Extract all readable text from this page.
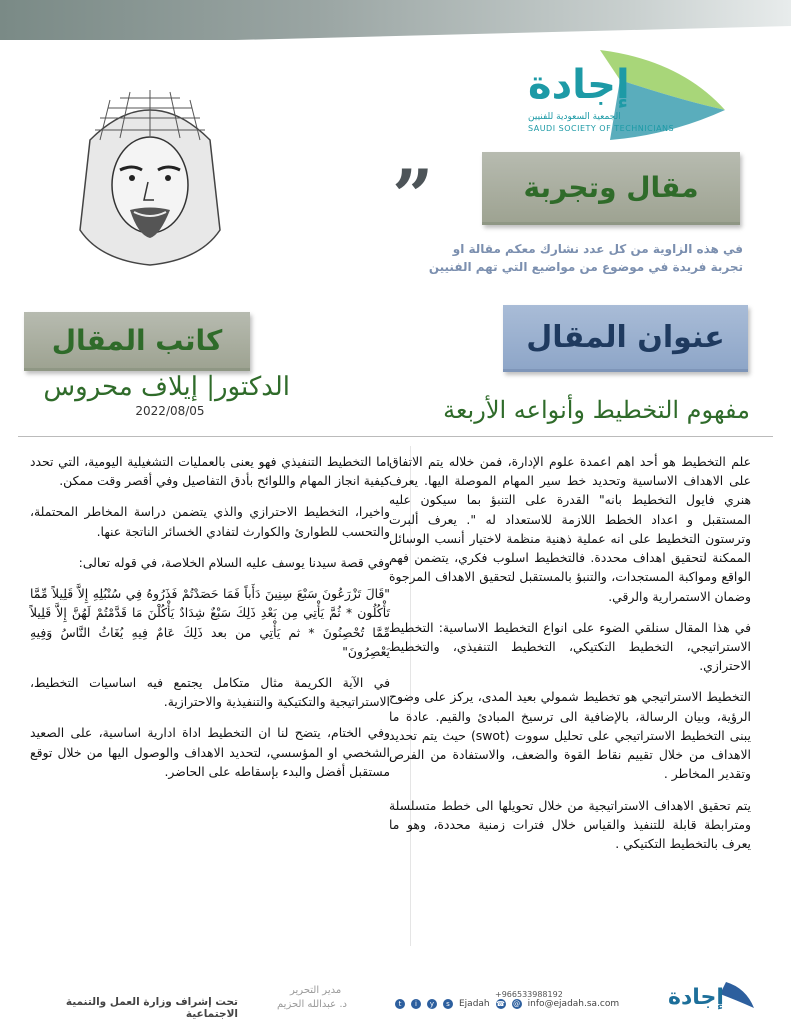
إجادة
الجمعية السعودية للفنيين
SAUDI SOCIETY OF TECHNICIANS
”	مقال وتجربة
في هذه الزاوية من كل عدد نشارك معكم مقالة او
تجربة فريدة في موضوع من مواضيع التي تهم الفنيين
كاتب المقال
الدكتور| إيلاف محروس
2022/08/05
عنوان المقال
مفهوم التخطيط وأنواعه الأربعة

علم التخطيط هو أحد اهم اعمدة علوم الإدارة، فمن خلاله يتم الاتفاق على الاهداف الاساسية وتحديد خط سير المهام الموصلة اليها. يعرف هنري فايول التخطيط بانه" القدرة على التنبؤ بما سيكون عليه المستقبل و اعداد الخطط اللازمة للاستعداد له ". يعرف ألبرت وترستون التخطيط على انه عملية ذهنية منظمة لاختيار أنسب الوسائل الممكنة لتحقيق اهداف محددة. فالتخطيط اسلوب فكري، يتضمن فهم الواقع ومواكبة المستجدات، والتنبؤ بالمستقبل لتحقيق الاهداف المرجوة وضمان الاستمرارية والرقي.

في هذا المقال سنلقي الضوء على انواع التخطيط الاساسية: التخطيط الاستراتيجي، التخطيط التكتيكي، التخطيط التنفيذي، والتخطيط الاحترازي.

التخطيط الاستراتيجي هو تخطيط شمولي بعيد المدى، يركز على وضوح الرؤية، وبيان الرسالة، بالإضافية الى ترسيخ المبادئ والقيم. عادة ما يبنى التخطيط الاستراتيجي على تحليل سووت (swot) حيث يتم تحديد الاهداف من خلال تقييم نقاط القوة والضعف، والاستفادة من الفرص وتقدير المخاطر .

يتم تحقيق الاهداف الاستراتيجية من خلال تحويلها الى خطط متسلسلة ومترابطة قابلة للتنفيذ والقياس خلال فترات زمنية محددة، وهو ما يعرف بالتخطيط التكتيكي .

اما التخطيط التنفيذي فهو يعنى بالعمليات التشغيلية اليومية، التي تحدد كيفية انجاز المهام واللوائح بأدق التفاصيل وفي أقصر وقت ممكن.

واخيرا، التخطيط الاحترازي والذي يتضمن دراسة المخاطر المحتملة، والتحسب للطوارئ والكوارث لتفادي الخسائر الناتجة عنها.

وفي قصة سيدنا يوسف عليه السلام الخلاصة، في قوله تعالى:

"قَالَ تَزْرَعُونَ سَبْعَ سِنِينَ دَأَباً فَمَا حَصَدْتُمْ فَذَرُوهُ فِي سُنْبُلِهِ إِلاَّ قَلِيلاً مِّمَّا تَأْكُلُون * ثُمَّ يَأْتِي مِن بَعْدِ ذَلِكَ سَبْعٌ شِدَادٌ يَأْكُلْنَ مَا قَدَّمْتُمْ لَهُنَّ إِلاَّ قَلِيلاً مِّمَّا تُحْصِنُونَ * ثم يَأْتِي من بعد ذَلِكَ عَامٌ فِيهِ يُغَاثُ النَّاسُ وَفِيهِ يَعْصِرُونَ"

في الآية الكريمة مثال متكامل يجتمع فيه اساسيات التخطيط، الاستراتيجية والتكتيكية والتنفيذية والاحترازية.

وفي الختام، يتضح لنا ان التخطيط اداة ادارية اساسية، على الصعيد الشخصي او المؤسسي، لتحديد الاهداف والوصول اليها من خلال توقع مستقبل أفضل والبدء بإسقاطه على الحاضر.

مدير التحرير
د. عبدالله الحزيم
تحت إشراف وزارة العمل والتنمية الاجتماعية
+966533988192
t	i	y	s	Ejadah ☎ @ info@ejadah.sa.com إجادة
